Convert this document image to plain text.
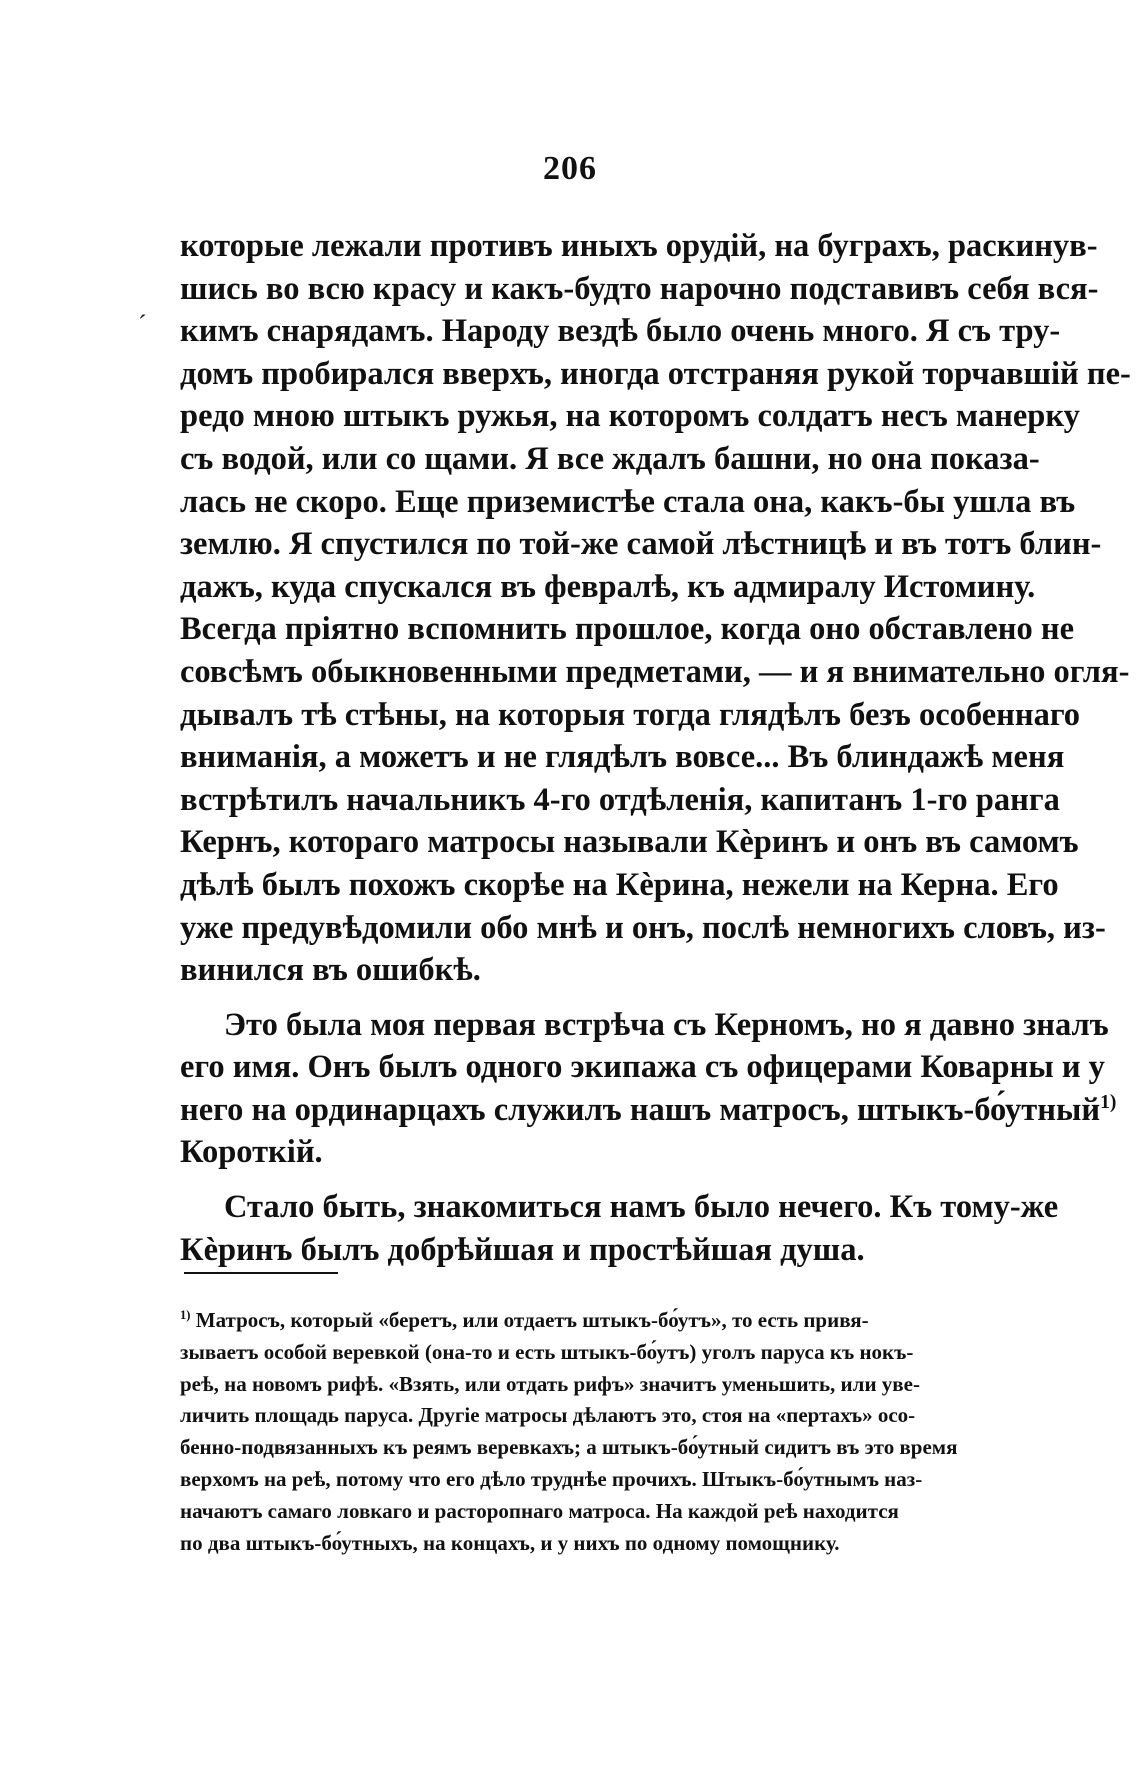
206
ˊ
которые лежали противъ иныхъ орудій, на буграхъ, раскинув-
шись во всю красу и какъ-будто нарочно подставивъ себя вся-
кимъ снарядамъ. Народу вездѣ было очень много. Я съ тру-
домъ пробирался вверхъ, иногда отстраняя рукой торчавшій пе-
редо мною штыкъ ружья, на которомъ солдатъ несъ манерку
съ водой, или со щами. Я все ждалъ башни, но она показа-
лась не скоро. Еще приземистѣе стала она, какъ-бы ушла въ
землю. Я спустился по той-же самой лѣстницѣ и въ тотъ блин-
дажъ, куда спускался въ февралѣ, къ адмиралу Истомину.
Всегда пріятно вспомнить прошлое, когда оно обставлено не
совсѣмъ обыкновенными предметами, — и я внимательно огля-
дывалъ тѣ стѣны, на которыя тогда глядѣлъ безъ особеннаго
вниманія, а можетъ и не глядѣлъ вовсе... Въ блиндажѣ меня
встрѣтилъ начальникъ 4-го отдѣленія, капитанъ 1-го ранга
Кернъ, котораго матросы называли Кѐринъ и онъ въ самомъ
дѣлѣ былъ похожъ скорѣе на Кѐрина, нежели на Керна. Его
уже предувѣдомили обо мнѣ и онъ, послѣ немногихъ словъ, из-
винился въ ошибкѣ.
Это была моя первая встрѣча съ Керномъ, но я давно зналъ
его имя. Онъ былъ одного экипажа съ офицерами Коварны и у
него на ординарцахъ служилъ нашъ матросъ, штыкъ-бо́утный$^{1)}$
Короткій.
Стало быть, знакомиться намъ было нечего. Къ тому-же
Кѐринъ былъ добрѣйшая и простѣйшая душа.
$^{1)}$ Матросъ, который «беретъ, или отдаетъ штыкъ-бо́утъ», то есть привя-
зываетъ особой веревкой (она-то и есть штыкъ-бо́утъ) уголъ паруса къ нокъ-
реѣ, на новомъ рифѣ. «Взять, или отдать рифъ» значитъ уменьшить, или уве-
личить площадь паруса. Другіе матросы дѣлаютъ это, стоя на «пертахъ» осо-
бенно-подвязанныхъ къ реямъ веревкахъ; а штыкъ-бо́утный сидитъ въ это время
верхомъ на реѣ, потому что его дѣло труднѣе прочихъ. Штыкъ-бо́утнымъ наз-
начаютъ самаго ловкаго и расторопнаго матроса. На каждой реѣ находится
по два штыкъ-бо́утныхъ, на концахъ, и у нихъ по одному помощнику.
